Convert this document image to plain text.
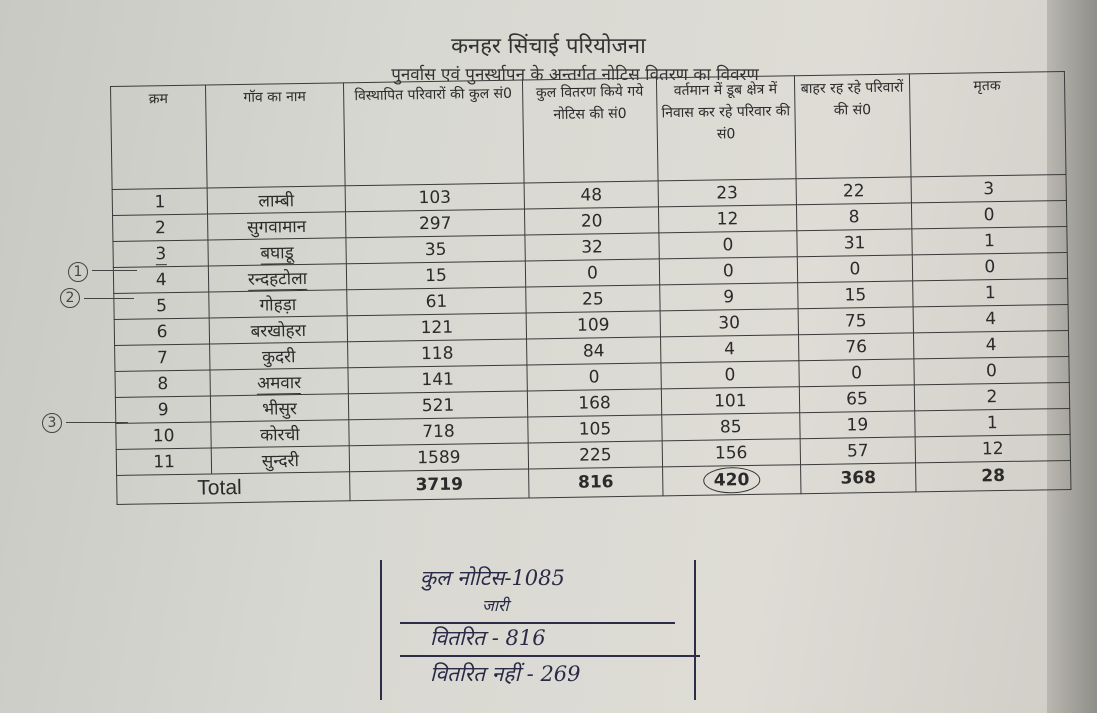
कनहर सिंचाई परियोजना
पुनर्वास एवं पुनर्स्थापन के अन्तर्गत नोटिस वितरण का विवरण
क्रम	गॉव का नाम	विस्थापित परिवारों की कुल सं0	कुल वितरण किये गये नोटिस की सं0	वर्तमान में डूब क्षेत्र में निवास कर रहे परिवार की सं0	बाहर रह रहे परिवारों की सं0	मृतक
1	लाम्बी	103	48	23	22	3
2	सुगवामान	297	20	12	8	0
3	बघाडू	35	32	0	31	1
4	रन्दहटोला	15	0	0	0	0
5	गोहड़ा	61	25	9	15	1
6	बरखोहरा	121	109	30	75	4
7	कुदरी	118	84	4	76	4
8	अमवार	141	0	0	0	0
9	भीसुर	521	168	101	65	2
10	कोरची	718	105	85	19	1
11	सुन्दरी	1589	225	156	57	12
Total		3719	816	420	368	28
1
2
3
कुल नोटिस-1085
जारी
वितरित - 816
वितरित नहीं - 269
